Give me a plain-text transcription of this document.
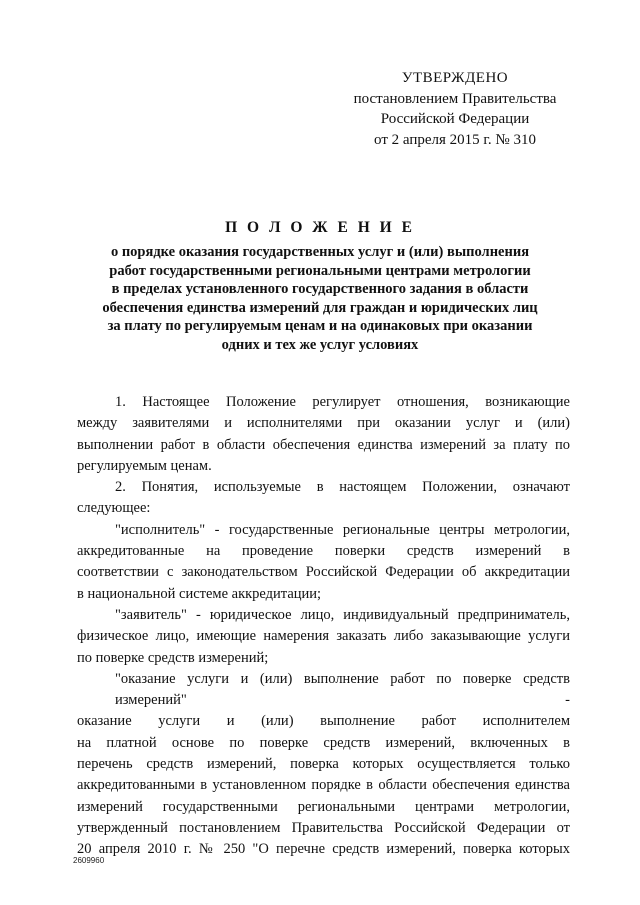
УТВЕРЖДЕНО
постановлением Правительства
Российской Федерации
от 2 апреля 2015 г. № 310
П О Л О Ж Е Н И Е
о порядке оказания государственных услуг и (или) выполнения
работ государственными региональными центрами метрологии
в пределах установленного государственного задания в области
обеспечения единства измерений для граждан и юридических лиц
за плату по регулируемым ценам и на одинаковых при оказании
одних и тех же услуг условиях
1. Настоящее Положение регулирует отношения, возникающие
между заявителями и исполнителями при оказании услуг и (или)
выполнении работ в области обеспечения единства измерений за плату по
регулируемым ценам.
2. Понятия, используемые в настоящем Положении, означают
следующее:
"исполнитель" - государственные региональные центры метрологии,
аккредитованные на проведение поверки средств измерений в
соответствии с законодательством Российской Федерации об аккредитации
в национальной системе аккредитации;
"заявитель" - юридическое лицо, индивидуальный предприниматель,
физическое лицо, имеющие намерения заказать либо заказывающие услуги
по поверке средств измерений;
"оказание услуги и (или) выполнение работ по поверке средств измерений" -
оказание услуги и (или) выполнение работ исполнителем
на платной основе по поверке средств измерений, включенных в
перечень средств измерений, поверка которых осуществляется только
аккредитованными в установленном порядке в области обеспечения единства
измерений государственными региональными центрами метрологии,
утвержденный постановлением Правительства Российской Федерации от
20 апреля 2010 г. № 250 "О перечне средств измерений, поверка которых
2609960
